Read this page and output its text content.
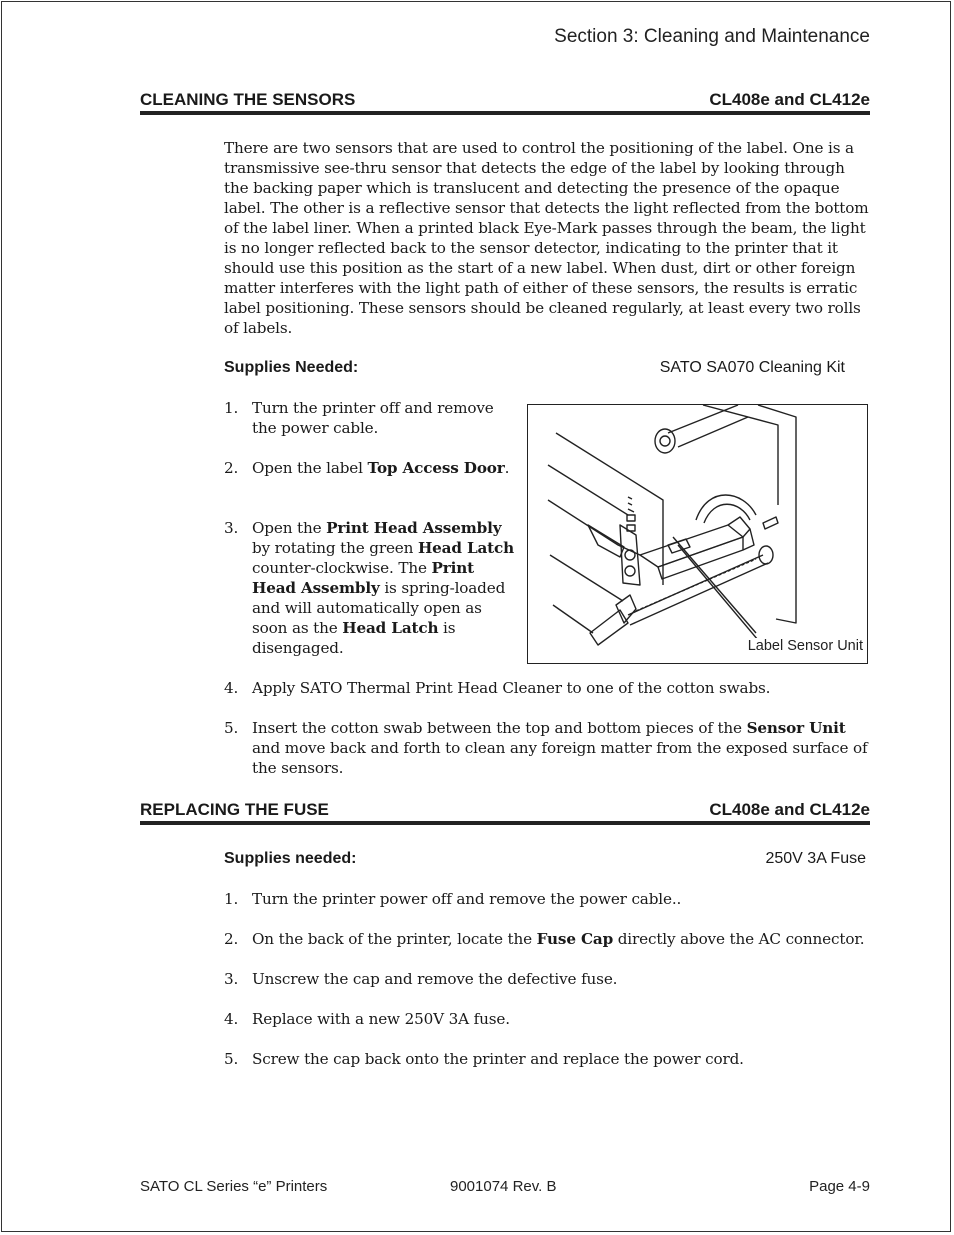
Section 3: Cleaning and Maintenance
CLEANING THE SENSORS	CL408e and CL412e
There are two sensors that are used to control the positioning of the label. One is a transmissive see-thru sensor that detects the edge of the label by looking through the backing paper which is translucent and detecting the presence of the opaque label. The other is a reflective sensor that detects the light reflected from the bottom of the label liner. When a printed black Eye-Mark passes through the beam, the light is no longer reflected back to the sensor detector, indicating to the printer that it should use this position as the start of a new label. When dust, dirt or other foreign matter interferes with the light path of either of these sensors, the results is erratic label positioning. These sensors should be cleaned regularly, at least every two rolls of labels.
Supplies Needed:	SATO SA070 Cleaning Kit
1. Turn the printer off and remove the power cable.
2. Open the label Top Access Door.
3. Open the Print Head Assembly by rotating the green Head Latch counter-clockwise. The Print Head Assembly is spring-loaded and will automatically open as soon as the Head Latch is disengaged.	Label Sensor Unit
4. Apply SATO Thermal Print Head Cleaner to one of the cotton swabs.
5. Insert the cotton swab between the top and bottom pieces of the Sensor Unit and move back and forth to clean any foreign matter from the exposed surface of the sensors.
REPLACING THE FUSE	CL408e and CL412e
Supplies needed:	250V 3A Fuse
1. Turn the printer power off and remove the power cable..
2. On the back of the printer, locate the Fuse Cap directly above the AC connector.
3. Unscrew the cap and remove the defective fuse.
4. Replace with a new 250V 3A fuse.
5. Screw the cap back onto the printer and replace the power cord.
SATO CL Series “e” Printers	9001074 Rev. B	Page 4-9
